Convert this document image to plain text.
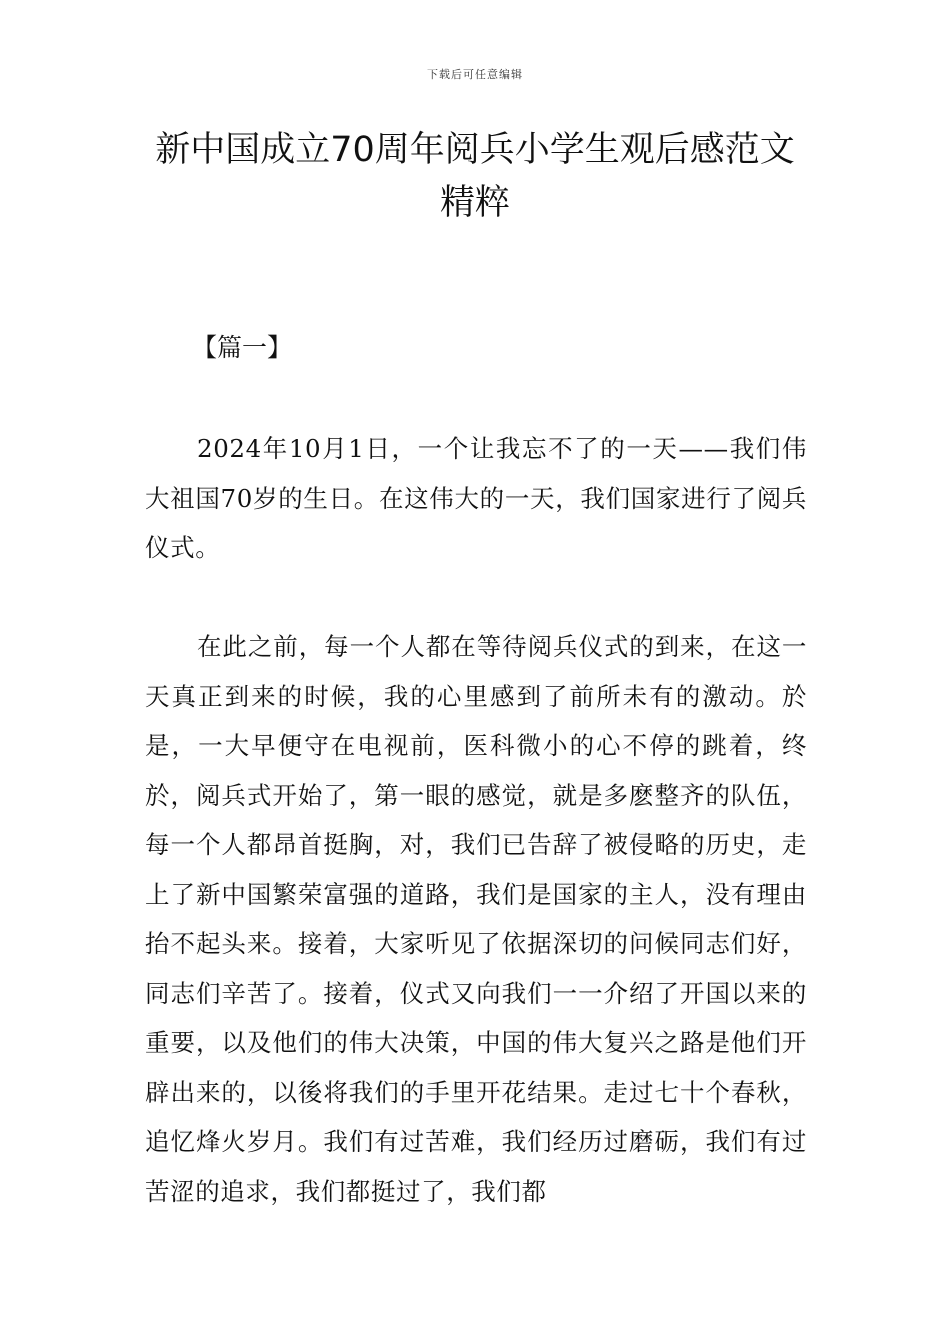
下载后可任意编辑
新中国成立70周年阅兵小学生观后感范文
精粹
【篇一】

2024年10月1日，一个让我忘不了的一天——我们伟大祖国70岁的生日。在这伟大的一天，我们国家进行了阅兵仪式。

在此之前，每一个人都在等待阅兵仪式的到来，在这一天真正到来的时候，我的心里感到了前所未有的激动。於是，一大早便守在电视前，医科微小的心不停的跳着，终於，阅兵式开始了，第一眼的感觉，就是多麽整齐的队伍，每一个人都昂首挺胸，对，我们已告辞了被侵略的历史，走上了新中国繁荣富强的道路，我们是国家的主人，没有理由抬不起头来。接着，大家听见了依据深切的问候同志们好，同志们辛苦了。接着，仪式又向我们一一介绍了开国以来的重要，以及他们的伟大决策，中国的伟大复兴之路是他们开辟出来的，以後将我们的手里开花结果。走过七十个春秋，追忆烽火岁月。我们有过苦难，我们经历过磨砺，我们有过苦涩的追求，我们都挺过了，我们都
